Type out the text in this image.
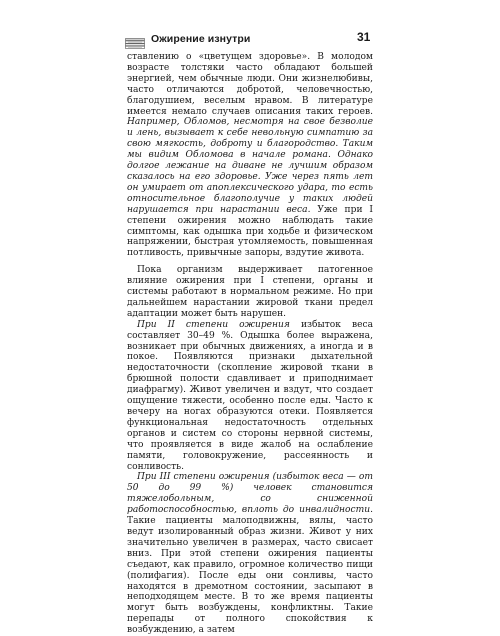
Ожирение изнутри	31

ставлению о «цветущем здоровье». В молодом возрасте толстяки часто обладают большей энергией, чем обычные люди. Они жизнелюбивы, часто отличаются добротой, человечностью, благодушием, веселым нравом. В литературе имеется немало случаев описания таких героев. Например, Обломов, несмотря на свое безволие и лень, вызывает к себе невольную симпатию за свою мягкость, доброту и благородство. Таким мы видим Обломова в начале романа. Однако долгое лежание на диване не лучшим образом сказалось на его здоровье. Уже через пять лет он умирает от апоплексического удара, то есть относительное благополучие у таких людей нарушается при нарастании веса. Уже при I степени ожирения можно наблюдать такие симптомы, как одышка при ходьбе и физическом напряжении, быстрая утомляемость, повышенная потливость, привычные запоры, вздутие живота.

Пока организм выдерживает патогенное влияние ожирения при I степени, органы и системы работают в нормальном режиме. Но при дальнейшем нарастании жировой ткани предел адаптации может быть нарушен.

При II степени ожирения избыток веса составляет 30–49 %. Одышка более выражена, возникает при обычных движениях, а иногда и в покое. Появляются признаки дыхательной недостаточности (скопление жировой ткани в брюшной полости сдавливает и приподнимает диафрагму). Живот увеличен и вздут, что создает ощущение тяжести, особенно после еды. Часто к вечеру на ногах образуются отеки. Появляется функциональная недостаточность отдельных органов и систем со стороны нервной системы, что проявляется в виде жалоб на ослабление памяти, головокружение, рассеянность и сонливость.

При III степени ожирения (избыток веса — от 50 до 99 %) человек становится тяжелобольным, со сниженной работоспособностью, вплоть до инвалидности. Такие пациенты малоподвижны, вялы, часто ведут изолированный образ жизни. Живот у них значительно увеличен в размерах, часто свисает вниз. При этой степени ожирения пациенты съедают, как правило, огромное количество пищи (полифагия). После еды они сонливы, часто находятся в дремотном состоянии, засыпают в неподходящем месте. В то же время пациенты могут быть возбуждены, конфликтны. Такие перепады от полного спокойствия к возбуждению, а затем
